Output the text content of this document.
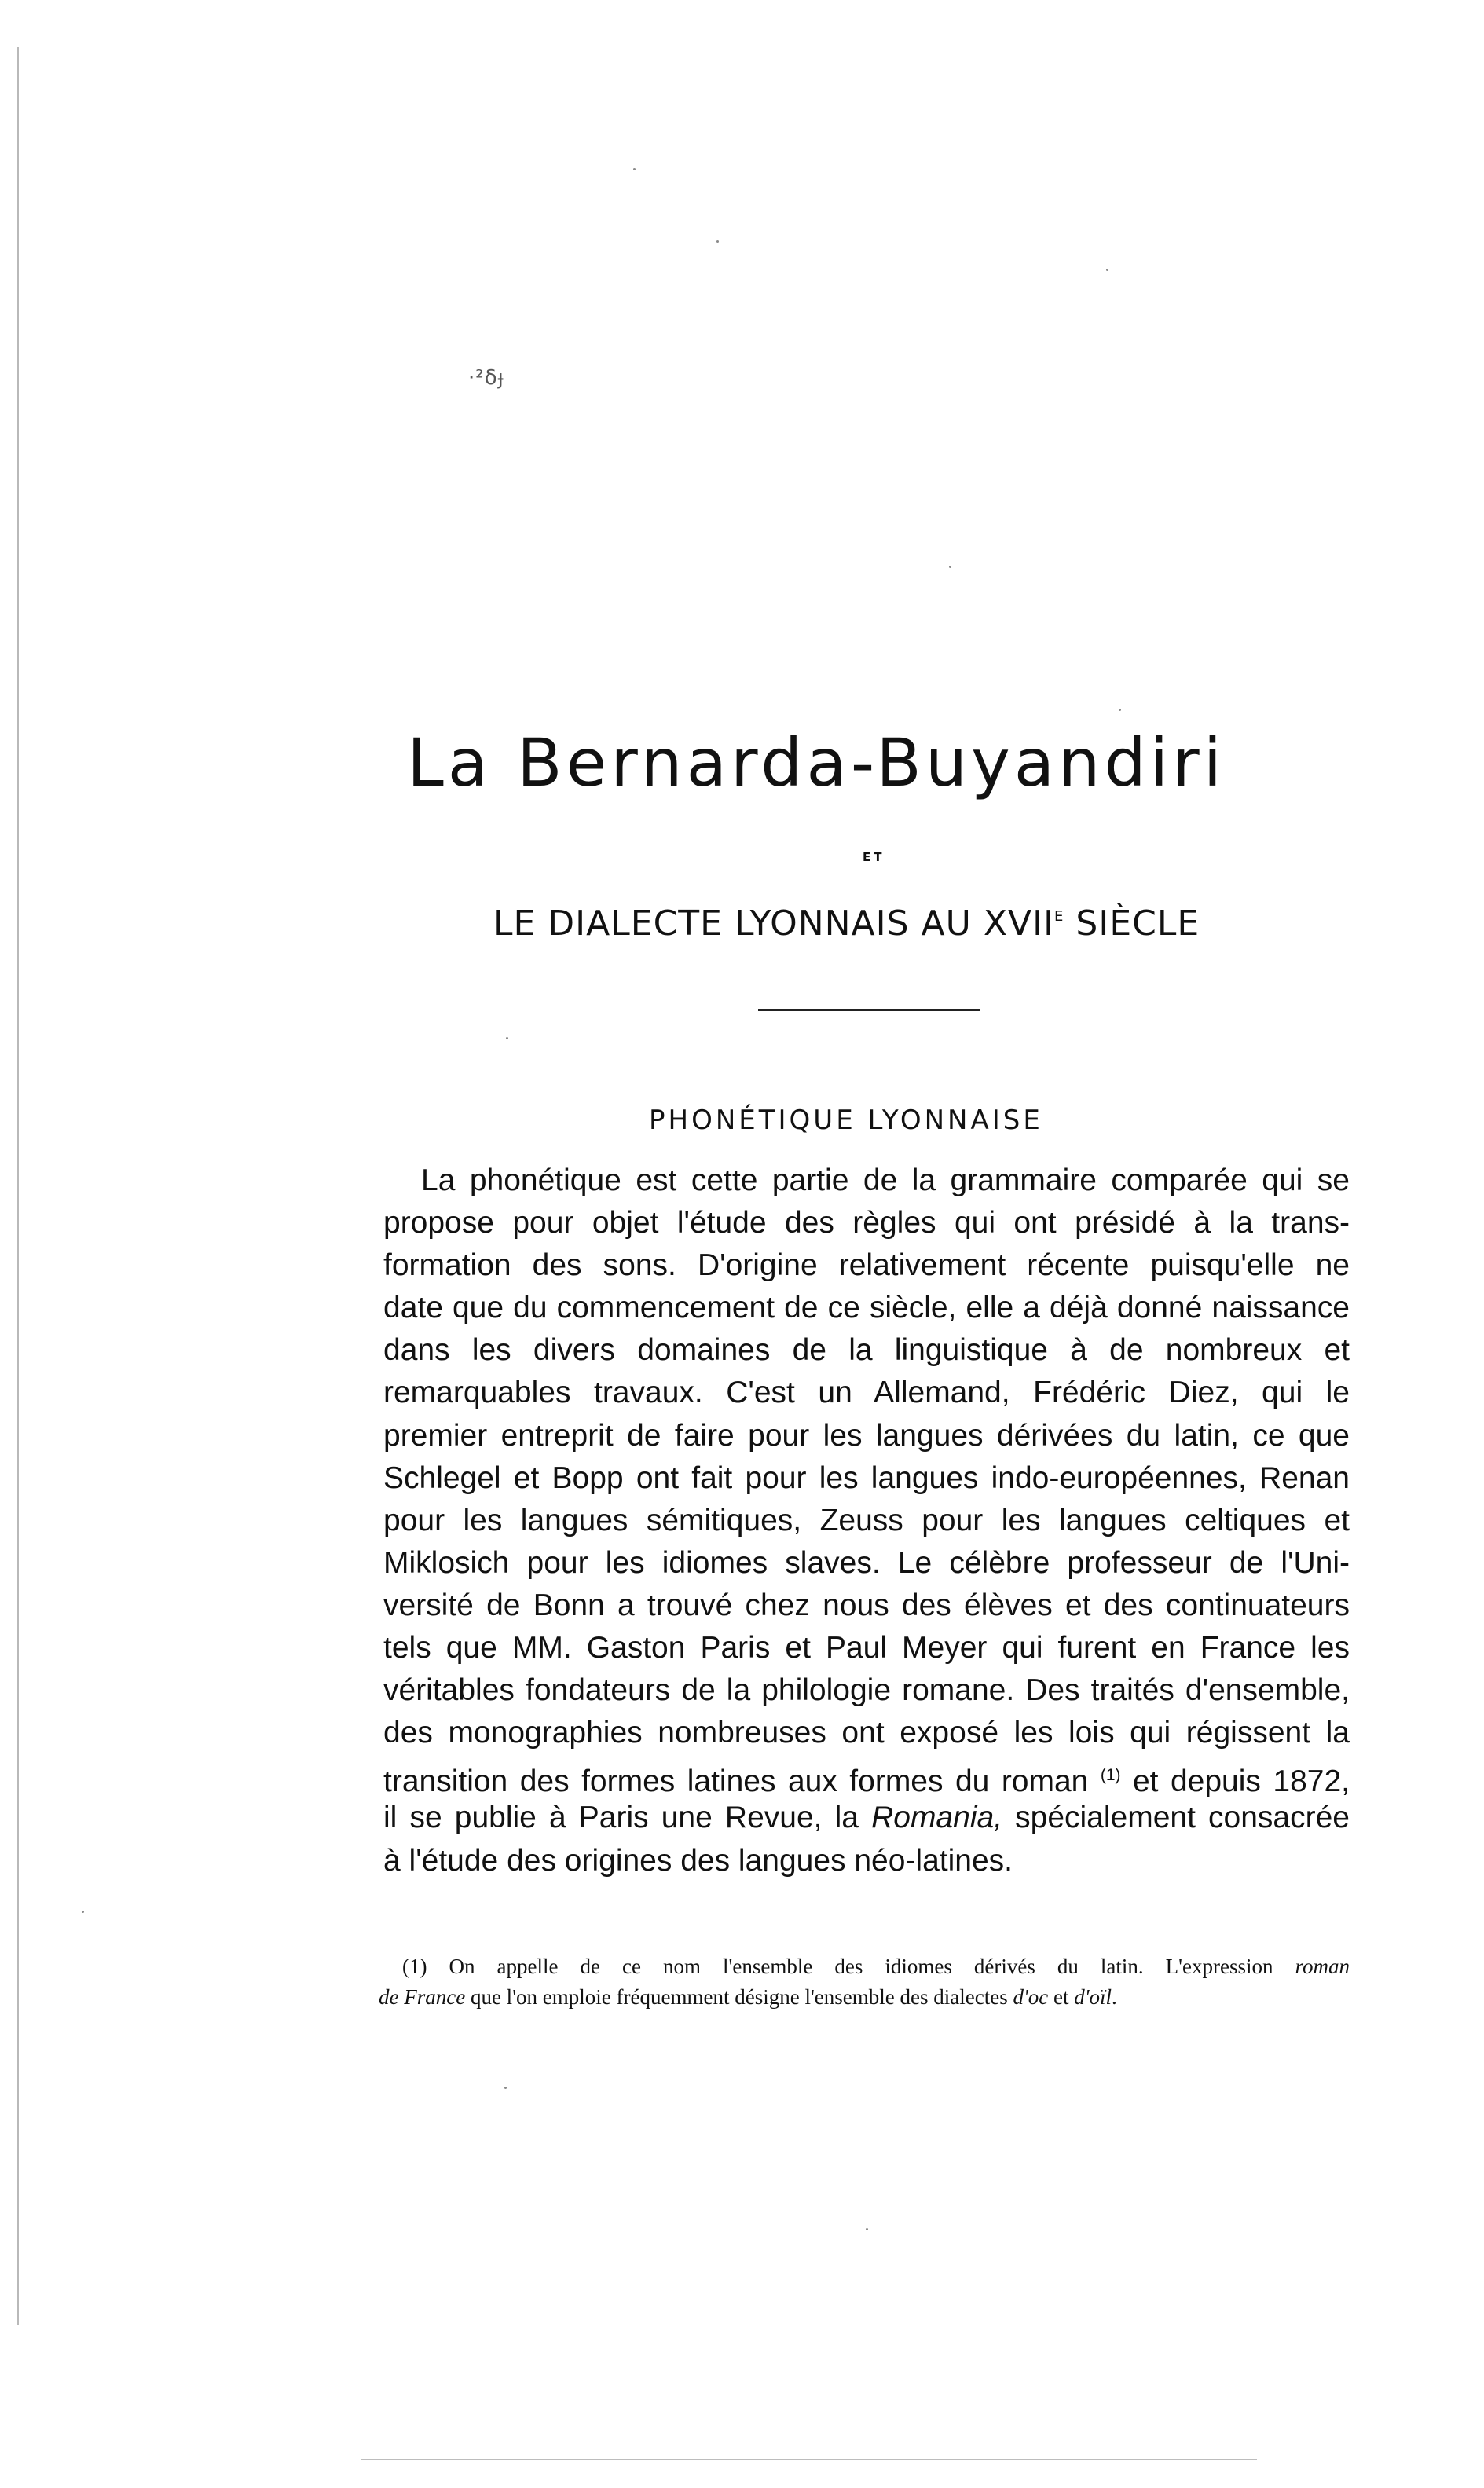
·²δɟ
La Bernarda-Buyandiri
ET
LE DIALECTE LYONNAIS AU $XVII^E$ SIÈCLE
PHONÉTIQUE LYONNAISE
La phonétique est cette partie de la grammaire comparée qui se
propose pour objet l'étude des règles qui ont présidé à la trans-
formation des sons. D'origine relativement récente puisqu'elle ne
date que du commencement de ce siècle, elle a déjà donné naissance
dans les divers domaines de la linguistique à de nombreux et
remarquables travaux. C'est un Allemand, Frédéric Diez, qui le
premier entreprit de faire pour les langues dérivées du latin, ce que
Schlegel et Bopp ont fait pour les langues indo-européennes, Renan
pour les langues sémitiques, Zeuss pour les langues celtiques et
Miklosich pour les idiomes slaves. Le célèbre professeur de l'Uni-
versité de Bonn a trouvé chez nous des élèves et des continuateurs
tels que MM. Gaston Paris et Paul Meyer qui furent en France les
véritables fondateurs de la philologie romane. Des traités d'ensemble,
des monographies nombreuses ont exposé les lois qui régissent la
transition des formes latines aux formes du roman $^{(1)}$ et depuis 1872,
il se publie à Paris une Revue, la Romania, spécialement consacrée
à l'étude des origines des langues néo-latines.
(1) On appelle de ce nom l'ensemble des idiomes dérivés du latin. L'expression roman
de France que l'on emploie fréquemment désigne l'ensemble des dialectes d'oc et d'oïl.
